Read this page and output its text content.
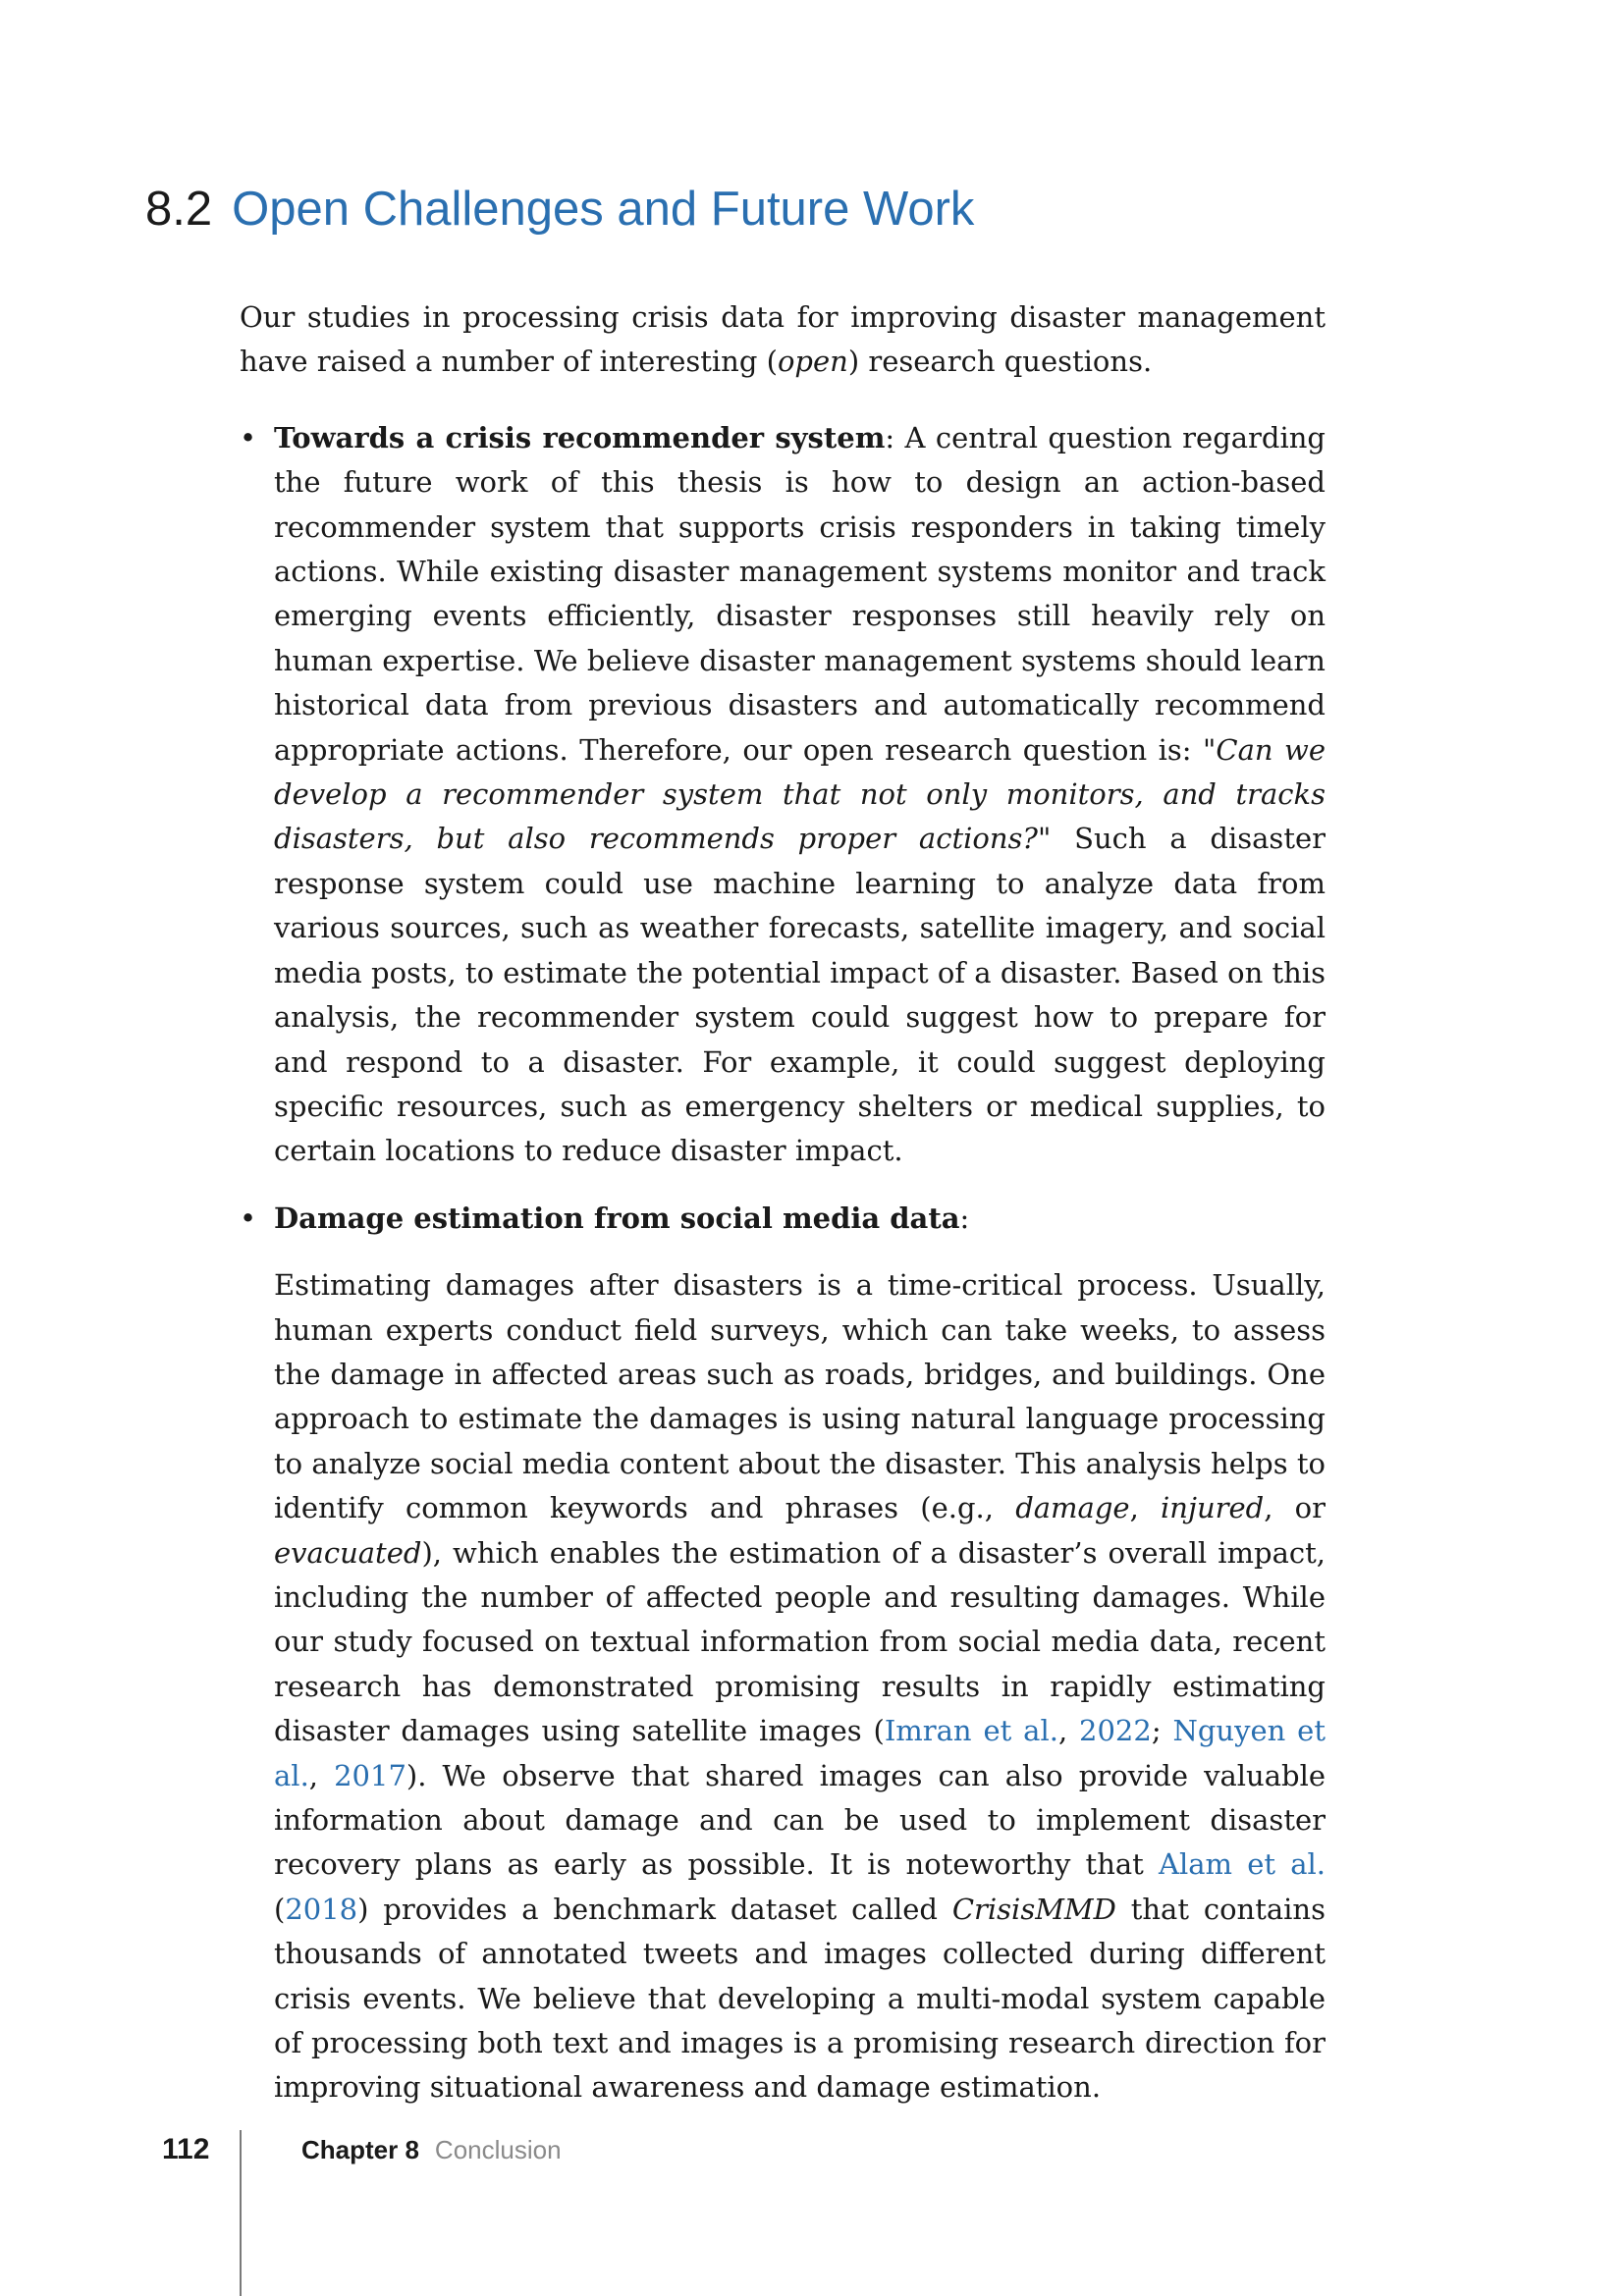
8.2 Open Challenges and Future Work

Our studies in processing crisis data for improving disaster management have raised a number of interesting (open) research questions.

• Towards a crisis recommender system: A central question regarding the future work of this thesis is how to design an action-based recommender system that supports crisis responders in taking timely actions. While existing disaster management systems monitor and track emerging events efficiently, disaster responses still heavily rely on human expertise. We believe disaster management systems should learn historical data from previous disasters and automatically recommend appropriate actions. Therefore, our open research question is: "Can we develop a recommender system that not only monitors, and tracks disasters, but also recommends proper actions?" Such a disaster response system could use machine learning to analyze data from various sources, such as weather forecasts, satellite imagery, and social media posts, to estimate the potential impact of a disaster. Based on this analysis, the recommender system could suggest how to prepare for and respond to a disaster. For example, it could suggest deploying specific resources, such as emergency shelters or medical supplies, to certain locations to reduce disaster impact.

• Damage estimation from social media data:

Estimating damages after disasters is a time-critical process. Usually, human experts conduct field surveys, which can take weeks, to assess the damage in affected areas such as roads, bridges, and buildings. One approach to estimate the damages is using natural language processing to analyze social media content about the disaster. This analysis helps to identify common keywords and phrases (e.g., damage, injured, or evacuated), which enables the estimation of a disaster’s overall impact, including the number of affected people and resulting damages. While our study focused on textual information from social media data, recent research has demonstrated promising results in rapidly estimating disaster damages using satellite images (Imran et al., 2022; Nguyen et al., 2017). We observe that shared images can also provide valuable information about damage and can be used to implement disaster recovery plans as early as possible. It is noteworthy that Alam et al. (2018) provides a benchmark dataset called CrisisMMD that contains thousands of annotated tweets and images collected during different crisis events. We believe that developing a multi-modal system capable of processing both text and images is a promising research direction for improving situational awareness and damage estimation.

112	Chapter 8 Conclusion
